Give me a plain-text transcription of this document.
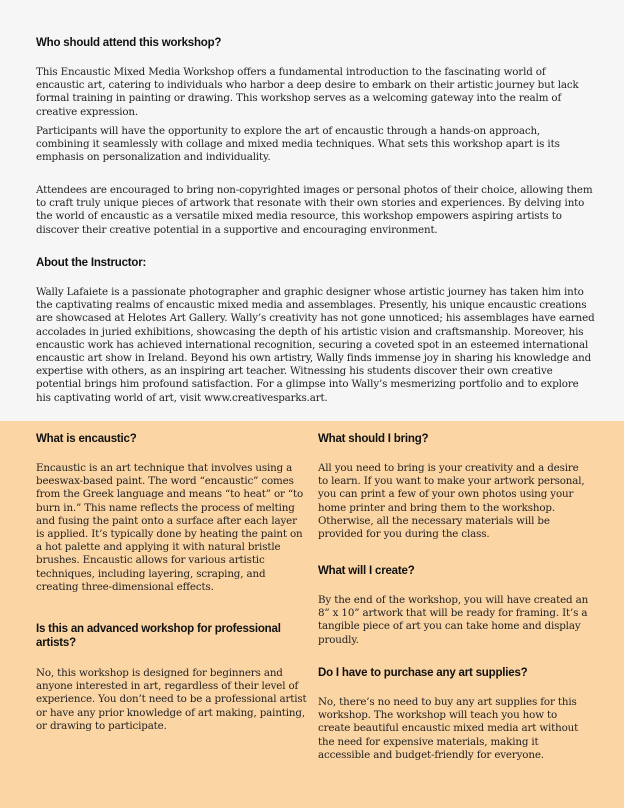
Who should attend this workshop?

This Encaustic Mixed Media Workshop offers a fundamental introduction to the fascinating world of encaustic art, catering to individuals who harbor a deep desire to embark on their artistic journey but lack formal training in painting or drawing. This workshop serves as a welcoming gateway into the realm of creative expression.

Participants will have the opportunity to explore the art of encaustic through a hands-on approach, combining it seamlessly with collage and mixed media techniques. What sets this workshop apart is its emphasis on personalization and individuality.

Attendees are encouraged to bring non-copyrighted images or personal photos of their choice, allowing them to craft truly unique pieces of artwork that resonate with their own stories and experiences. By delving into the world of encaustic as a versatile mixed media resource, this workshop empowers aspiring artists to discover their creative potential in a supportive and encouraging environment.

About the Instructor:

Wally Lafaiete is a passionate photographer and graphic designer whose artistic journey has taken him into the captivating realms of encaustic mixed media and assemblages. Presently, his unique encaustic creations are showcased at Helotes Art Gallery. Wally’s creativity has not gone unnoticed; his assemblages have earned accolades in juried exhibitions, showcasing the depth of his artistic vision and craftsmanship. Moreover, his encaustic work has achieved international recognition, securing a coveted spot in an esteemed international encaustic art show in Ireland. Beyond his own artistry, Wally finds immense joy in sharing his knowledge and expertise with others, as an inspiring art teacher. Witnessing his students discover their own creative potential brings him profound satisfaction. For a glimpse into Wally’s mesmerizing portfolio and to explore his captivating world of art, visit www.creativesparks.art.

What is encaustic?

Encaustic is an art technique that involves using a beeswax-based paint. The word “encaustic” comes from the Greek language and means “to heat” or “to burn in.” This name reflects the process of melting and fusing the paint onto a surface after each layer is applied. It’s typically done by heating the paint on a hot palette and applying it with natural bristle brushes. Encaustic allows for various artistic techniques, including layering, scraping, and creating three-dimensional effects.

Is this an advanced workshop for professional artists?

No, this workshop is designed for beginners and anyone interested in art, regardless of their level of experience. You don’t need to be a professional artist or have any prior knowledge of art making, painting, or drawing to participate.

What should I bring?

All you need to bring is your creativity and a desire to learn. If you want to make your artwork personal, you can print a few of your own photos using your home printer and bring them to the workshop. Otherwise, all the necessary materials will be provided for you during the class.

What will I create?

By the end of the workshop, you will have created an 8” x 10” artwork that will be ready for framing. It’s a tangible piece of art you can take home and display proudly.

Do I have to purchase any art supplies?

No, there’s no need to buy any art supplies for this workshop. The workshop will teach you how to create beautiful encaustic mixed media art without the need for expensive materials, making it accessible and budget-friendly for everyone.
